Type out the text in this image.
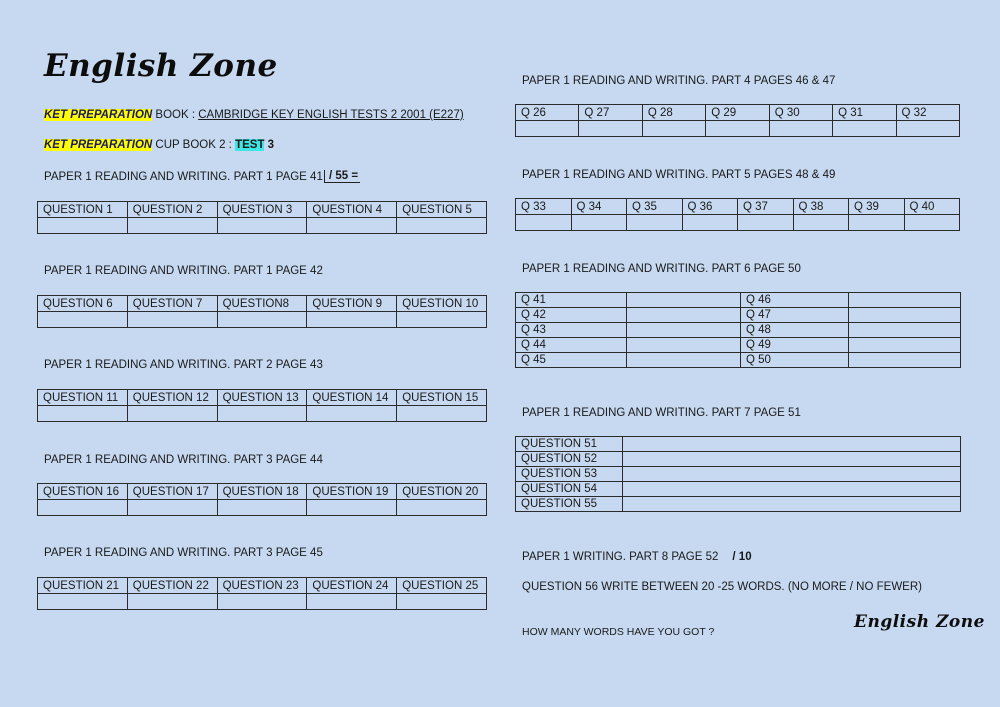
English Zone
KET PREPARATION BOOK : CAMBRIDGE KEY ENGLISH TESTS 2 2001 (E227)
KET PREPARATION CUP BOOK 2 : TEST 3
PAPER 1 READING AND WRITING. PART 1 PAGE 41 / 55 =
QUESTION 1	QUESTION 2	QUESTION 3	QUESTION 4	QUESTION 5

PAPER 1 READING AND WRITING. PART 1 PAGE 42
QUESTION 6	QUESTION 7	QUESTION8	QUESTION 9	QUESTION 10

PAPER 1 READING AND WRITING. PART 2 PAGE 43
QUESTION 11	QUESTION 12	QUESTION 13	QUESTION 14	QUESTION 15

PAPER 1 READING AND WRITING. PART 3 PAGE 44
QUESTION 16	QUESTION 17	QUESTION 18	QUESTION 19	QUESTION 20

PAPER 1 READING AND WRITING. PART 3 PAGE 45
QUESTION 21	QUESTION 22	QUESTION 23	QUESTION 24	QUESTION 25

PAPER 1 READING AND WRITING. PART 4 PAGES 46 & 47
Q 26	Q 27	Q 28	Q 29	Q 30	Q 31	Q 32

PAPER 1 READING AND WRITING. PART 5 PAGES 48 & 49
Q 33	Q 34	Q 35	Q 36	Q 37	Q 38	Q 39	Q 40

PAPER 1 READING AND WRITING. PART 6 PAGE 50
Q 41		Q 46	
Q 42		Q 47	
Q 43		Q 48	
Q 44		Q 49	
Q 45		Q 50	
PAPER 1 READING AND WRITING. PART 7 PAGE 51
QUESTION 51	
QUESTION 52	
QUESTION 53	
QUESTION 54	
QUESTION 55	
PAPER 1 WRITING. PART 8 PAGE 52 / 10
QUESTION 56 WRITE BETWEEN 20 -25 WORDS. (NO MORE / NO FEWER)
HOW MANY WORDS HAVE YOU GOT ?	English Zone
